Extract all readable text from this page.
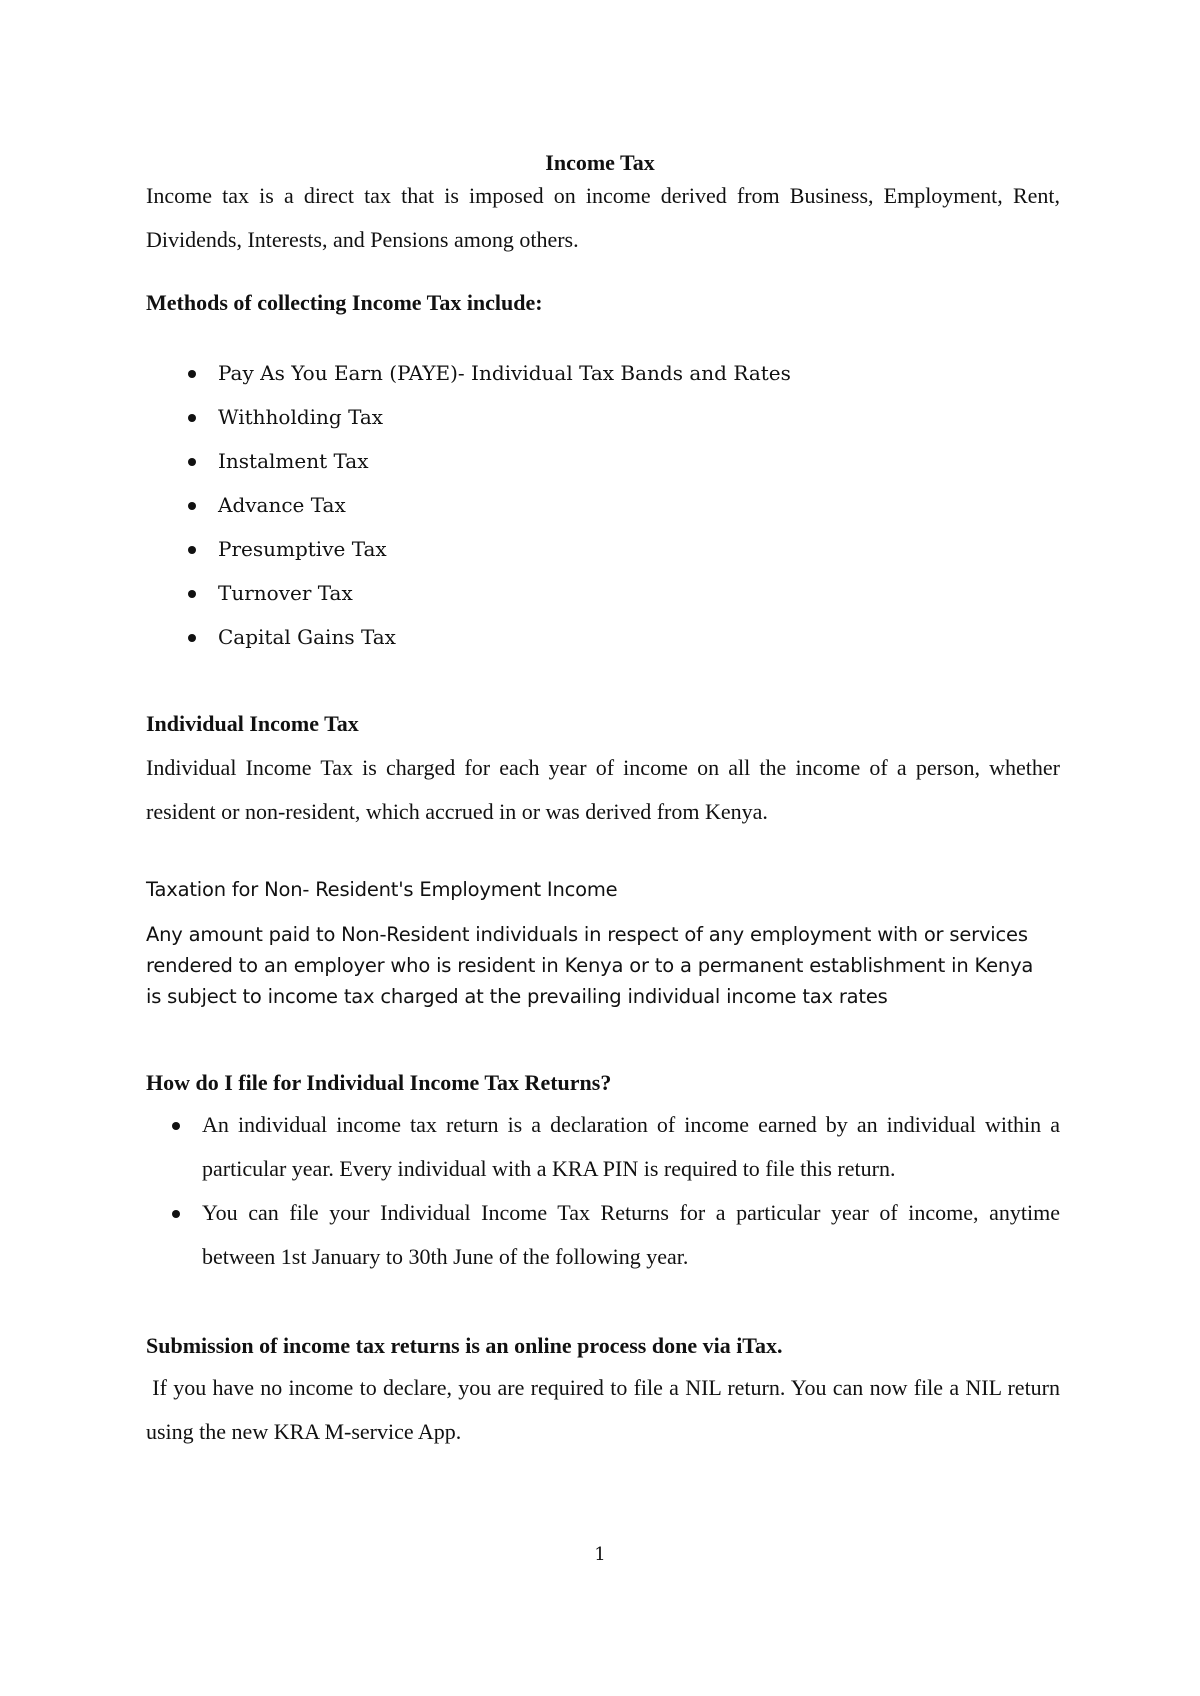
Income Tax

Income tax is a direct tax that is imposed on income derived from Business, Employment, Rent, Dividends, Interests, and Pensions among others.

Methods of collecting Income Tax include:

Pay As You Earn (PAYE)- Individual Tax Bands and Rates
Withholding Tax
Instalment Tax
Advance Tax
Presumptive Tax
Turnover Tax
Capital Gains Tax

Individual Income Tax

Individual Income Tax is charged for each year of income on all the income of a person, whether resident or non-resident, which accrued in or was derived from Kenya.

Taxation for Non- Resident's Employment Income

Any amount paid to Non-Resident individuals in respect of any employment with or services
rendered to an employer who is resident in Kenya or to a permanent establishment in Kenya
is subject to income tax charged at the prevailing individual income tax rates

How do I file for Individual Income Tax Returns?

An individual income tax return is a declaration of income earned by an individual within a particular year. Every individual with a KRA PIN is required to file this return.
You can file your Individual Income Tax Returns for a particular year of income, anytime between 1st January to 30th June of the following year.

Submission of income tax returns is an online process done via iTax.

If you have no income to declare, you are required to file a NIL return. You can now file a NIL return using the new KRA M-service App.

1
